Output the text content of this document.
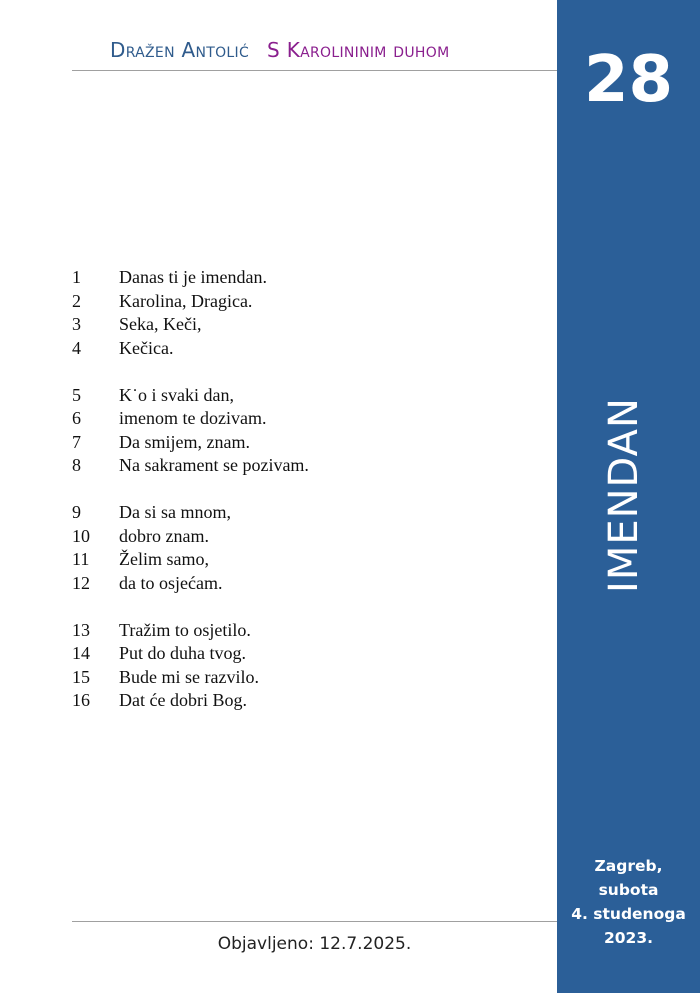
Dražen Antolić S Karolininim duhom
1 Danas ti je imendan.
2 Karolina, Dragica.
3 Seka, Keči,
4 Kečica.
5 K˙o i svaki dan,
6 imenom te dozivam.
7 Da smijem, znam.
8 Na sakrament se pozivam.
9 Da si sa mnom,
10 dobro znam.
11 Želim samo,
12 da to osjećam.
13 Tražim to osjetilo.
14 Put do duha tvog.
15 Bude mi se razvilo.
16 Dat će dobri Bog.
Objavljeno: 12.7.2025.
28
IMENDAN
Zagreb,
subota
4. studenoga
2023.
